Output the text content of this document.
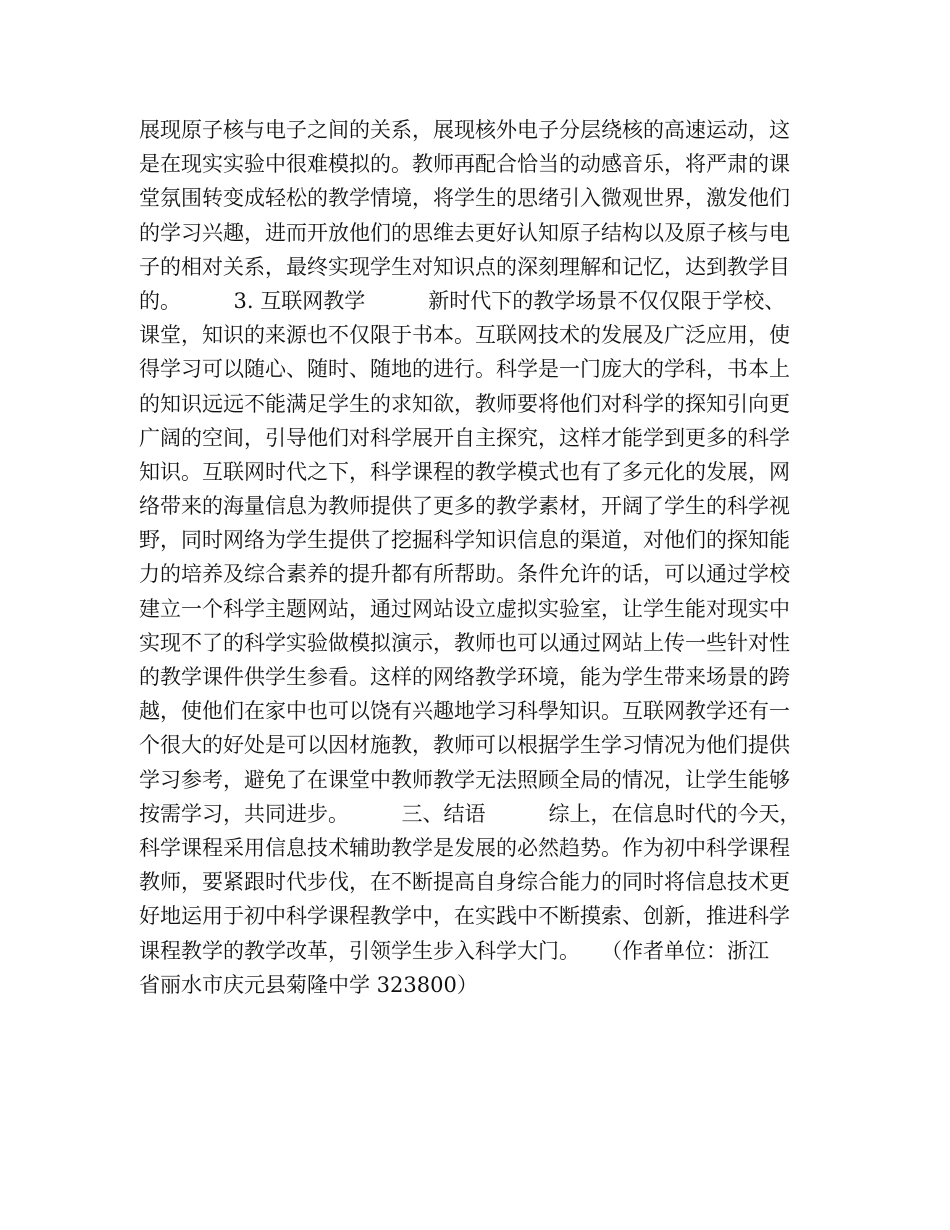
展现原子核与电子之间的关系，展现核外电子分层绕核的高速运动，这
是在现实实验中很难模拟的。教师再配合恰当的动感音乐，将严肃的课
堂氛围转变成轻松的教学情境，将学生的思绪引入微观世界，激发他们
的学习兴趣，进而开放他们的思维去更好认知原子结构以及原子核与电
子的相对关系，最终实现学生对知识点的深刻理解和记忆，达到教学目
的。　　　3. 互联网教学　　　新时代下的教学场景不仅仅限于学校、
课堂，知识的来源也不仅限于书本。互联网技术的发展及广泛应用，使
得学习可以随心、随时、随地的进行。科学是一门庞大的学科，书本上
的知识远远不能满足学生的求知欲，教师要将他们对科学的探知引向更
广阔的空间，引导他们对科学展开自主探究，这样才能学到更多的科学
知识。互联网时代之下，科学课程的教学模式也有了多元化的发展，网
络带来的海量信息为教师提供了更多的教学素材，开阔了学生的科学视
野，同时网络为学生提供了挖掘科学知识信息的渠道，对他们的探知能
力的培养及综合素养的提升都有所帮助。条件允许的话，可以通过学校
建立一个科学主题网站，通过网站设立虚拟实验室，让学生能对现实中
实现不了的科学实验做模拟演示，教师也可以通过网站上传一些针对性
的教学课件供学生参看。这样的网络教学环境，能为学生带来场景的跨
越，使他们在家中也可以饶有兴趣地学习科學知识。互联网教学还有一
个很大的好处是可以因材施教，教师可以根据学生学习情况为他们提供
学习参考，避免了在课堂中教师教学无法照顾全局的情况，让学生能够
按需学习，共同进步。　　　三、结语　　　综上，在信息时代的今天，
科学课程采用信息技术辅助教学是发展的必然趋势。作为初中科学课程
教师，要紧跟时代步伐，在不断提高自身综合能力的同时将信息技术更
好地运用于初中科学课程教学中，在实践中不断摸索、创新，推进科学
课程教学的教学改革，引领学生步入科学大门。　　（作者单位：浙江
省丽水市庆元县菊隆中学 323800）
